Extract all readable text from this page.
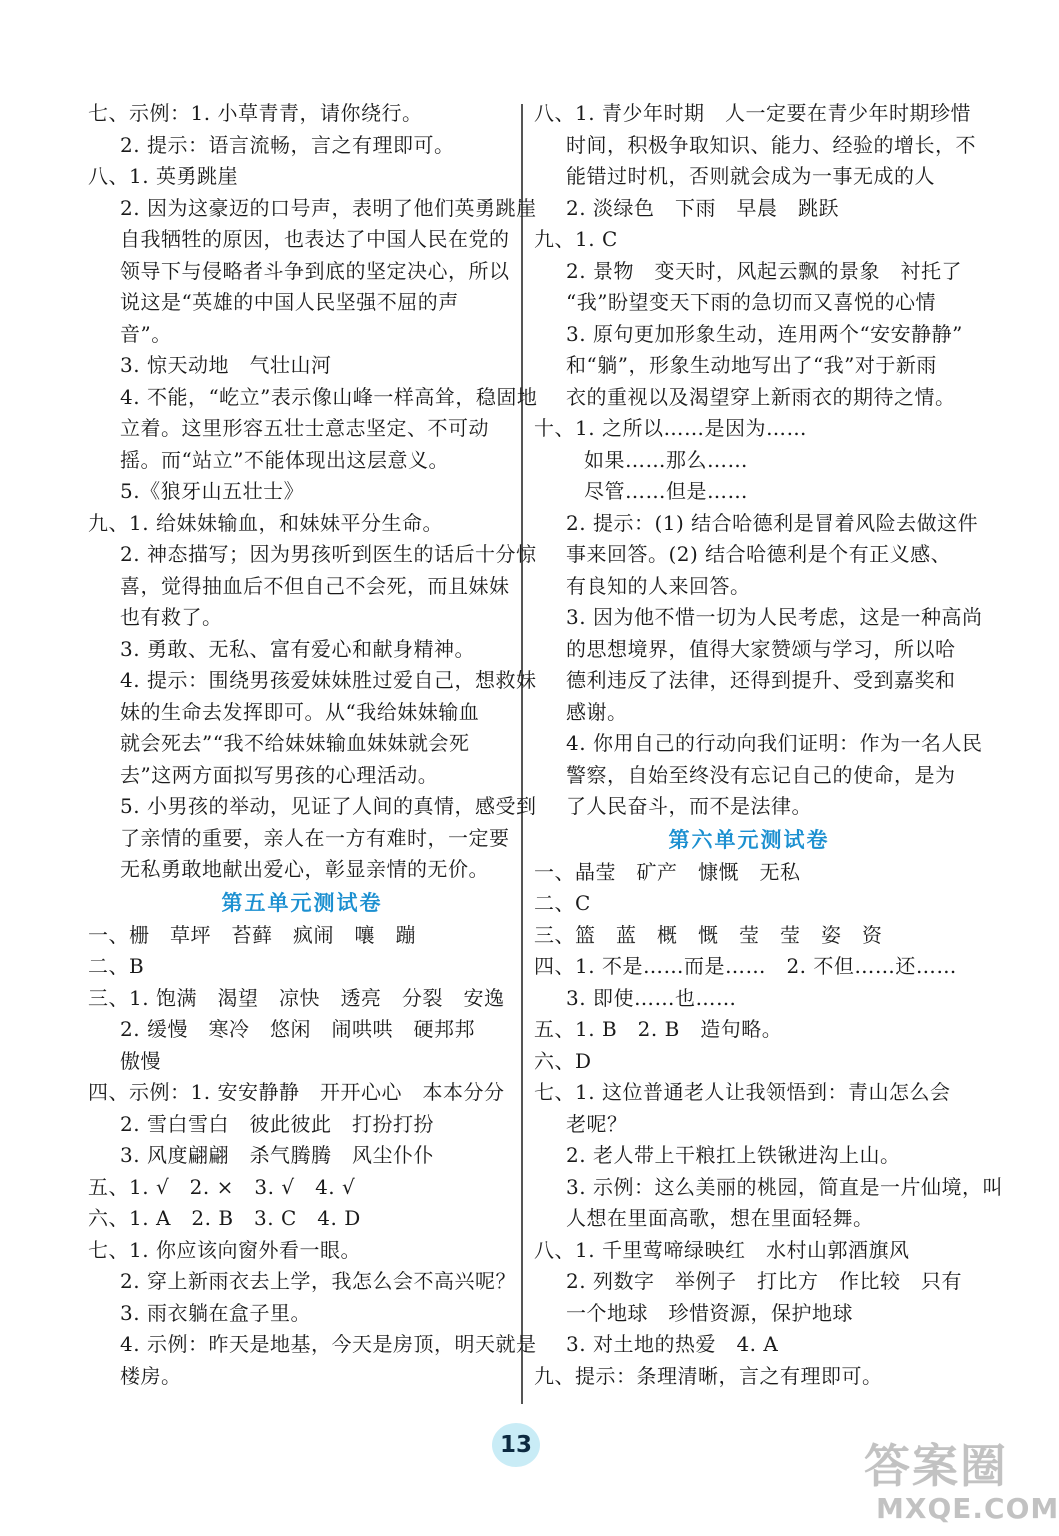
七、示例：1. 小草青青，请你绕行。
2. 提示：语言流畅，言之有理即可。
八、1. 英勇跳崖
2. 因为这豪迈的口号声，表明了他们英勇跳崖
自我牺牲的原因，也表达了中国人民在党的
领导下与侵略者斗争到底的坚定决心，所以
说这是“英雄的中国人民坚强不屈的声
音”。
3. 惊天动地　气壮山河
4. 不能，“屹立”表示像山峰一样高耸，稳固地
立着。这里形容五壮士意志坚定、不可动
摇。而“站立”不能体现出这层意义。
5.《狼牙山五壮士》
九、1. 给妹妹输血，和妹妹平分生命。
2. 神态描写；因为男孩听到医生的话后十分惊
喜，觉得抽血后不但自己不会死，而且妹妹
也有救了。
3. 勇敢、无私、富有爱心和献身精神。
4. 提示：围绕男孩爱妹妹胜过爱自己，想救妹
妹的生命去发挥即可。从“我给妹妹输血
就会死去”“我不给妹妹输血妹妹就会死
去”这两方面拟写男孩的心理活动。
5. 小男孩的举动，见证了人间的真情，感受到
了亲情的重要，亲人在一方有难时，一定要
无私勇敢地献出爱心，彰显亲情的无价。
第五单元测试卷
一、栅　草坪　苔藓　疯闹　嚷　蹦
二、B
三、1. 饱满　渴望　凉快　透亮　分裂　安逸
2. 缓慢　寒冷　悠闲　闹哄哄　硬邦邦
傲慢
四、示例：1. 安安静静　开开心心　本本分分
2. 雪白雪白　彼此彼此　打扮打扮
3. 风度翩翩　杀气腾腾　风尘仆仆
五、1. √　2. ×　3. √　4. √
六、1. A　2. B　3. C　4. D
七、1. 你应该向窗外看一眼。
2. 穿上新雨衣去上学，我怎么会不高兴呢？
3. 雨衣躺在盒子里。
4. 示例：昨天是地基，今天是房顶，明天就是
楼房。
八、1. 青少年时期　人一定要在青少年时期珍惜
时间，积极争取知识、能力、经验的增长，不
能错过时机，否则就会成为一事无成的人
2. 淡绿色　下雨　早晨　跳跃
九、1. C
2. 景物　变天时，风起云飘的景象　衬托了
“我”盼望变天下雨的急切而又喜悦的心情
3. 原句更加形象生动，连用两个“安安静静”
和“躺”，形象生动地写出了“我”对于新雨
衣的重视以及渴望穿上新雨衣的期待之情。
十、1. 之所以……是因为……
如果……那么……
尽管……但是……
2. 提示：(1) 结合哈德利是冒着风险去做这件
事来回答。(2) 结合哈德利是个有正义感、
有良知的人来回答。
3. 因为他不惜一切为人民考虑，这是一种高尚
的思想境界，值得大家赞颂与学习，所以哈
德利违反了法律，还得到提升、受到嘉奖和
感谢。
4. 你用自己的行动向我们证明：作为一名人民
警察，自始至终没有忘记自己的使命，是为
了人民奋斗，而不是法律。
第六单元测试卷
一、晶莹　矿产　慷慨　无私
二、C
三、篮　蓝　概　慨　莹　莹　姿　资
四、1. 不是……而是……　2. 不但……还……
3. 即使……也……
五、1. B　2. B　造句略。
六、D
七、1. 这位普通老人让我领悟到：青山怎么会
老呢？
2. 老人带上干粮扛上铁锹进沟上山。
3. 示例：这么美丽的桃园，简直是一片仙境，叫
人想在里面高歌，想在里面轻舞。
八、1. 千里莺啼绿映红　水村山郭酒旗风
2. 列数字　举例子　打比方　作比较　只有
一个地球　珍惜资源，保护地球
3. 对土地的热爱　4. A
九、提示：条理清晰，言之有理即可。
13	答案圈
MXQE.COM
